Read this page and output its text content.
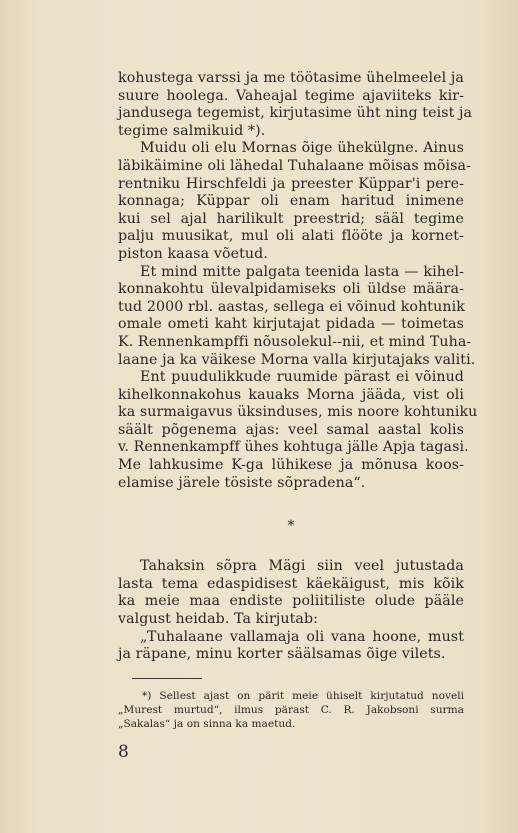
kohustega varssi ja me töötasime ühelmeelel ja
suure hoolega. Vaheajal tegime ajaviiteks kir-
jandusega tegemist, kirjutasime üht ning teist ja
tegime salmikuid *).

Muidu oli elu Mornas õige ühekülgne. Ainus
läbikäimine oli lähedal Tuhalaane mõisas mõisa-
rentniku Hirschfeldi ja preester Küppar'i pere-
konnaga; Küppar oli enam haritud inimene
kui sel ajal harilikult preestrid; sääl tegime
palju muusikat, mul oli alati flööte ja kornet-
piston kaasa võetud.

Et mind mitte palgata teenida lasta — kihel-
konnakohtu ülevalpidamiseks oli üldse määra-
tud 2000 rbl. aastas, sellega ei võinud kohtunik
omale ometi kaht kirjutajat pidada — toimetas
K. Rennenkampffi nõusolekul--nii, et mind Tuha-
laane ja ka väikese Morna valla kirjutajaks valiti.

Ent puudulikkude ruumide pärast ei võinud
kihelkonnakohus kauaks Morna jääda, vist oli
ka surmaigavus üksinduses, mis noore kohtuniku
säält põgenema ajas: veel samal aastal kolis
v. Rennenkampff ühes kohtuga jälle Apja tagasi.
Me lahkusime K-ga lühikese ja mõnusa koos-
elamise järele tösiste sõpradena“.

*

Tahaksin sõpra Mägi siin veel jutustada
lasta tema edaspidisest käekäigust, mis kõik
ka meie maa endiste poliitiliste olude pääle
valgust heidab. Ta kirjutab:

„Tuhalaane vallamaja oli vana hoone, must
ja räpane, minu korter säälsamas õige vilets.

*) Sellest ajast on pärit meie ühiselt kirjutatud noveli
„Murest murtud“, ilmus pärast C. R. Jakobsoni surma
„Sakalas“ ja on sinna ka maetud.

8
